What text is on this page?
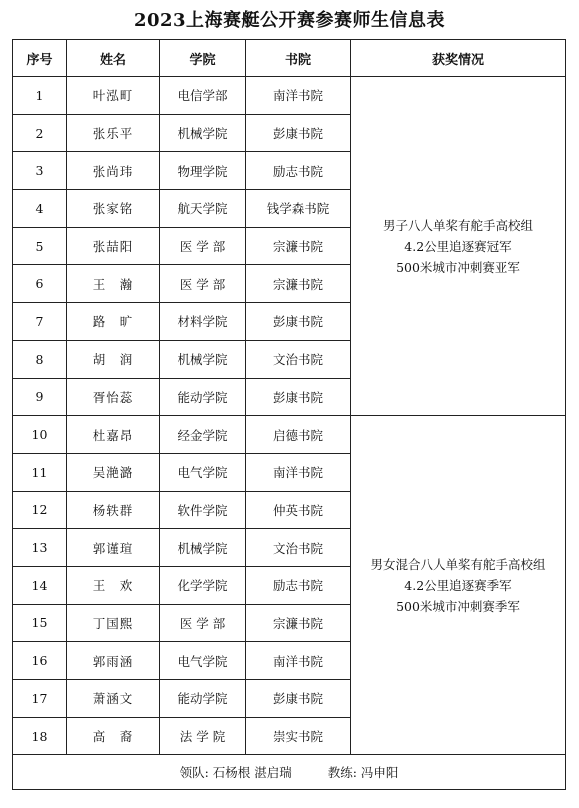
2023上海赛艇公开赛参赛师生信息表
序号	姓名	学院	书院	获奖情况
1	叶泓町	电信学部	南洋书院	男子八人单桨有舵手高校组
4.2公里追逐赛冠军
500米城市冲刺赛亚军

2	张乐平	机械学院	彭康书院	
3	张尚玮	物理学院	励志书院	
4	张家铭	航天学院	钱学森书院	
5	张喆阳	医 学 部	宗濂书院	
6	王　瀚	医 学 部	宗濂书院	
7	路　旷	材料学院	彭康书院	
8	胡　润	机械学院	文治书院	
9	胥怡蕊	能动学院	彭康书院	
10	杜嘉昂	经金学院	启德书院	男女混合八人单桨有舵手高校组
4.2公里追逐赛季军
500米城市冲刺赛季军

11	吴滟潞	电气学院	南洋书院	
12	杨轶群	软件学院	仲英书院	
13	郭谨瑄	机械学院	文治书院	
14	王　欢	化学学院	励志书院	
15	丁国熙	医 学 部	宗濂书院	
16	郭雨涵	电气学院	南洋书院	
17	萧涵文	能动学院	彭康书院	
18	高　裔	法 学 院	崇实书院	
领队: 石杨根 湛启瑞 教练: 冯申阳				
